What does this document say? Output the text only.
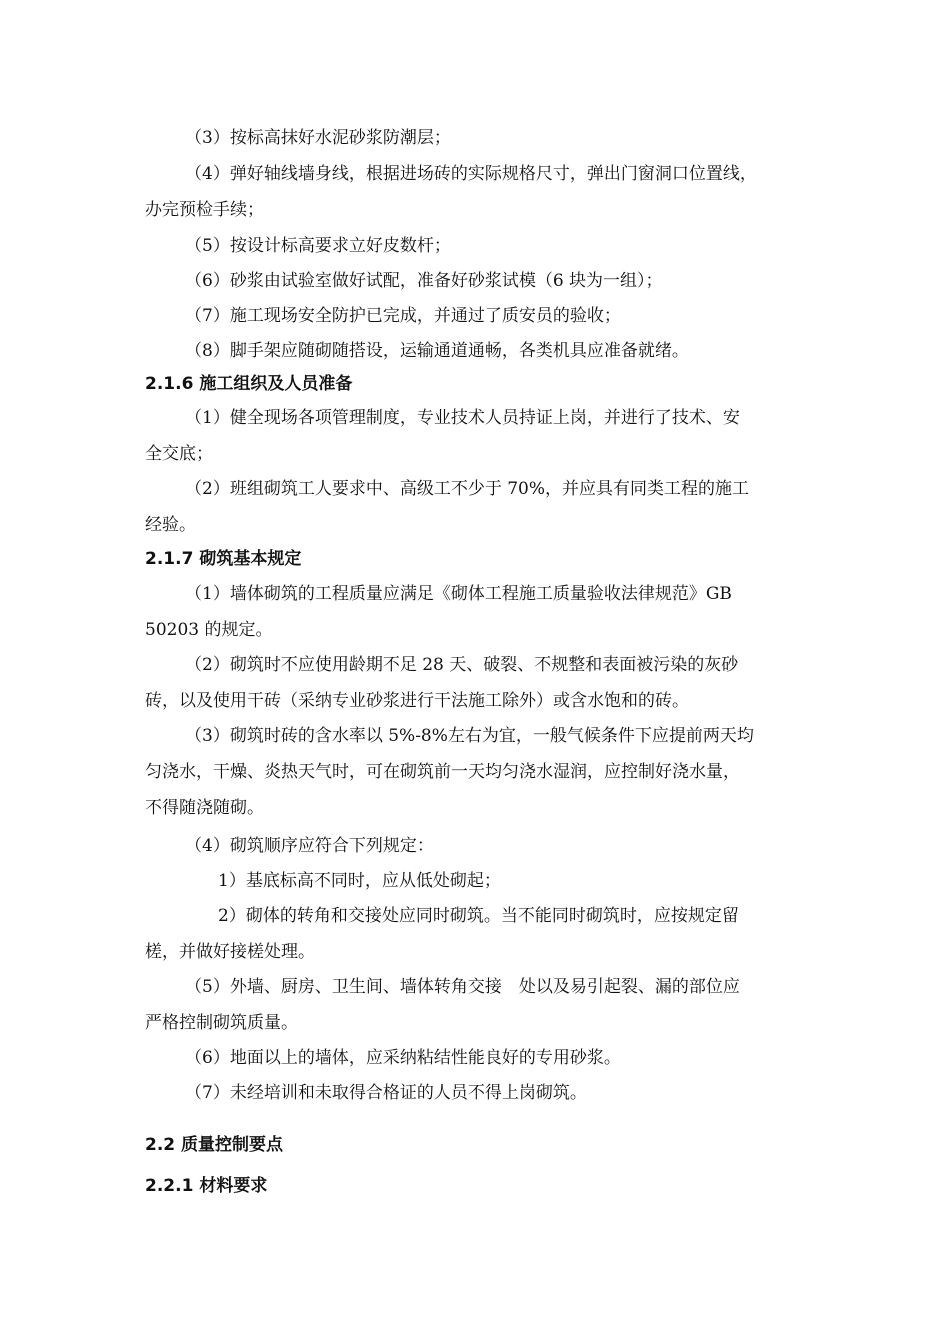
（3）按标高抹好水泥砂浆防潮层；
（4）弹好轴线墙身线，根据进场砖的实际规格尺寸，弹出门窗洞口位置线，
办完预检手续；
（5）按设计标高要求立好皮数杆；
（6）砂浆由试验室做好试配，准备好砂浆试模（6 块为一组）；
（7）施工现场安全防护已完成，并通过了质安员的验收；
（8）脚手架应随砌随搭设，运输通道通畅，各类机具应准备就绪。
2.1.6 施工组织及人员准备
（1）健全现场各项管理制度，专业技术人员持证上岗，并进行了技术、安
全交底；
（2）班组砌筑工人要求中、高级工不少于 70%，并应具有同类工程的施工
经验。
2.1.7 砌筑基本规定
（1）墙体砌筑的工程质量应满足《砌体工程施工质量验收法律规范》GB
50203 的规定。
（2）砌筑时不应使用龄期不足 28 天、破裂、不规整和表面被污染的灰砂
砖，以及使用干砖（采纳专业砂浆进行干法施工除外）或含水饱和的砖。
（3）砌筑时砖的含水率以 5%-8%左右为宜，一般气候条件下应提前两天均
匀浇水，干燥、炎热天气时，可在砌筑前一天均匀浇水湿润，应控制好浇水量，
不得随浇随砌。
（4）砌筑顺序应符合下列规定：
1）基底标高不同时，应从低处砌起；
2）砌体的转角和交接处应同时砌筑。当不能同时砌筑时，应按规定留
槎，并做好接槎处理。
（5）外墙、厨房、卫生间、墙体转角交接　处以及易引起裂、漏的部位应
严格控制砌筑质量。
（6）地面以上的墙体，应采纳粘结性能良好的专用砂浆。
（7）未经培训和未取得合格证的人员不得上岗砌筑。
2.2 质量控制要点
2.2.1 材料要求
